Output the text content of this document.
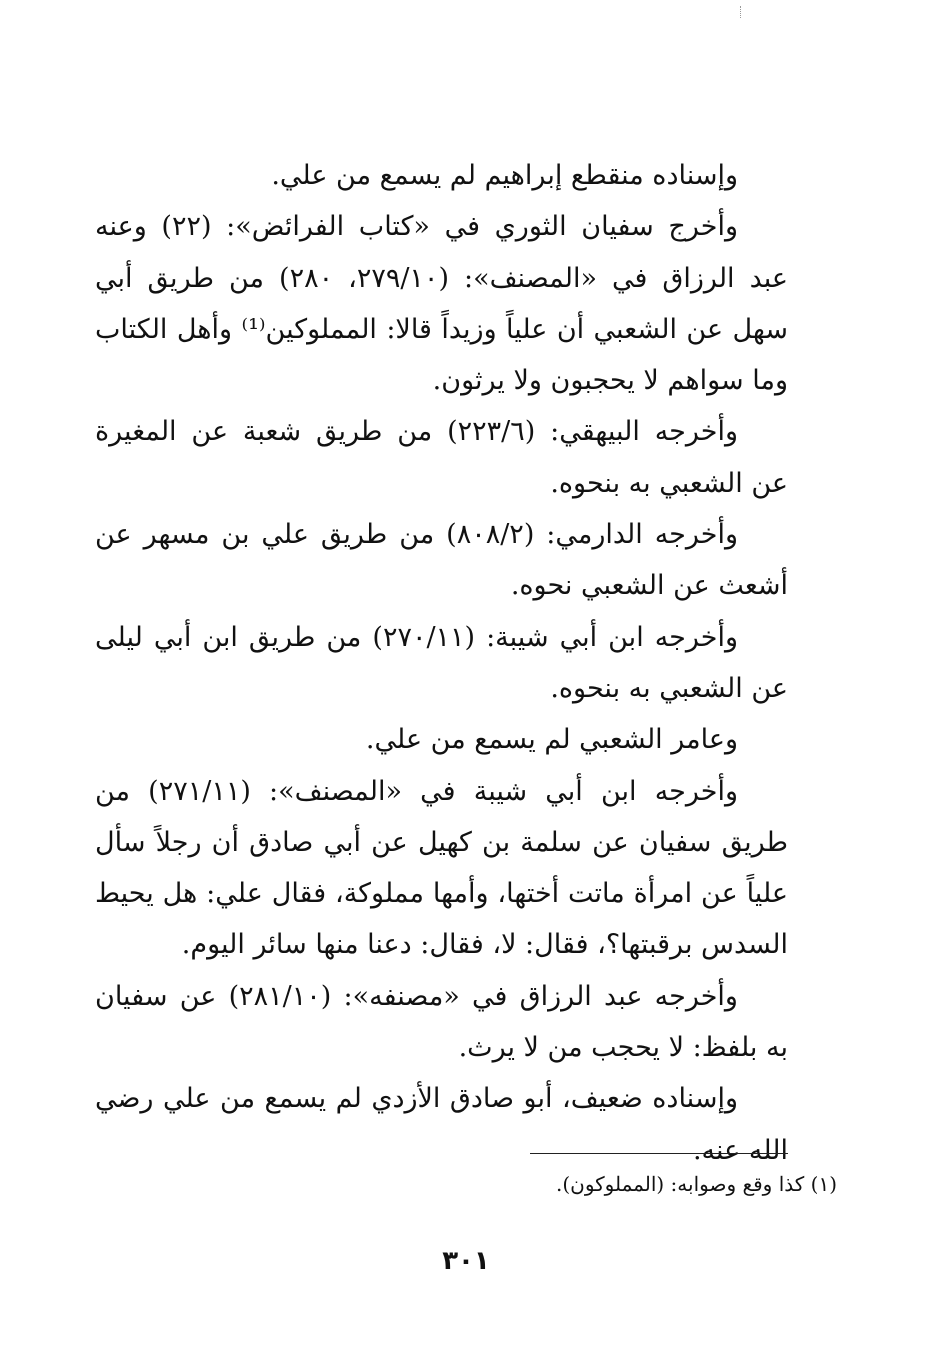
وإسناده منقطع إبراهيم لم يسمع من علي.

وأخرج سفيان الثوري في «كتاب الفرائض»: (٢٢) وعنه عبد الرزاق في «المصنف»: (٢٧٩/١٠، ٢٨٠) من طريق أبي سهل عن الشعبي أن علياً وزيداً قالا: المملوكين⁽¹⁾ وأهل الكتاب وما سواهم لا يحجبون ولا يرثون.

وأخرجه البيهقي: (٢٢٣/٦) من طريق شعبة عن المغيرة عن الشعبي به بنحوه.

وأخرجه الدارمي: (٨٠٨/٢) من طريق علي بن مسهر عن أشعث عن الشعبي نحوه.

وأخرجه ابن أبي شيبة: (٢٧٠/١١) من طريق ابن أبي ليلى عن الشعبي به بنحوه.

وعامر الشعبي لم يسمع من علي.

وأخرجه ابن أبي شيبة في «المصنف»: (٢٧١/١١) من طريق سفيان عن سلمة بن كهيل عن أبي صادق أن رجلاً سأل علياً عن امرأة ماتت أختها، وأمها مملوكة، فقال علي: هل يحيط السدس برقبتها؟، فقال: لا، فقال: دعنا منها سائر اليوم.

وأخرجه عبد الرزاق في «مصنفه»: (٢٨١/١٠) عن سفيان به بلفظ: لا يحجب من لا يرث.

وإسناده ضعيف، أبو صادق الأزدي لم يسمع من علي رضي الله عنه.

(١) كذا وقع وصوابه: (المملوكون).
٣٠١
